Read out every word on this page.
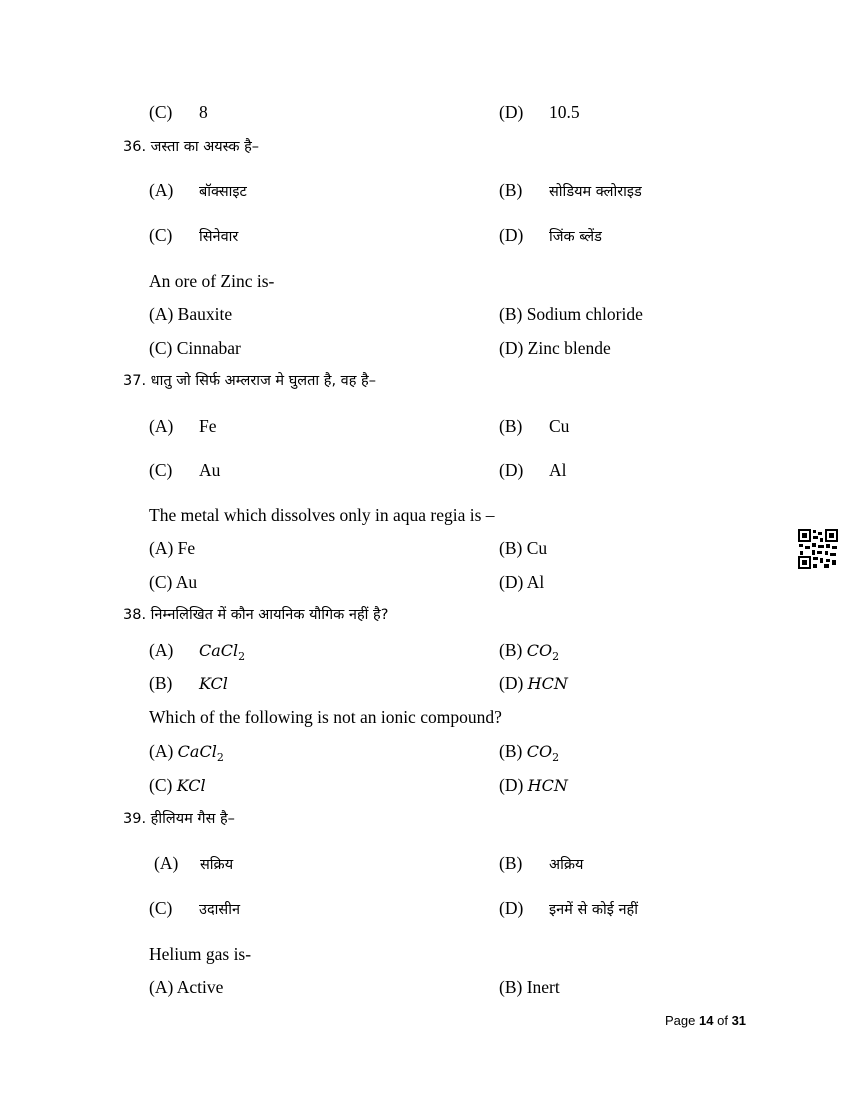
(C) 8	(D) 10.5
36. जस्ता का अयस्क है–
(A) बॉक्साइट	(B) सोडियम क्लोराइड
(C) सिनेवार	(D) जिंक ब्लेंड
An ore of Zinc is-
(A) Bauxite	(B) Sodium chloride
(C) Cinnabar	(D) Zinc blende
37. धातु जो सिर्फ अम्लराज मे घुलता है, वह है–
(A) Fe	(B) Cu
(C) Au	(D) Al
The metal which dissolves only in aqua regia is –
(A) Fe	(B) Cu
(C) Au	(D) Al
38. निम्नलिखित में कौन आयनिक यौगिक नहीं है?
(A) CaCl$_2$	(B) $CO_2$
(B) KCl	(D) HCN
Which of the following is not an ionic compound?
(A) CaCl$_2$	(B) $CO_2$
(C) KCl	(D) HCN
39. हीलियम गैस है–
(A) सक्रिय	(B) अक्रिय
(C) उदासीन	(D) इनमें से कोई नहीं
Helium gas is-
(A) Active	(B) Inert
Page 14 of 31
